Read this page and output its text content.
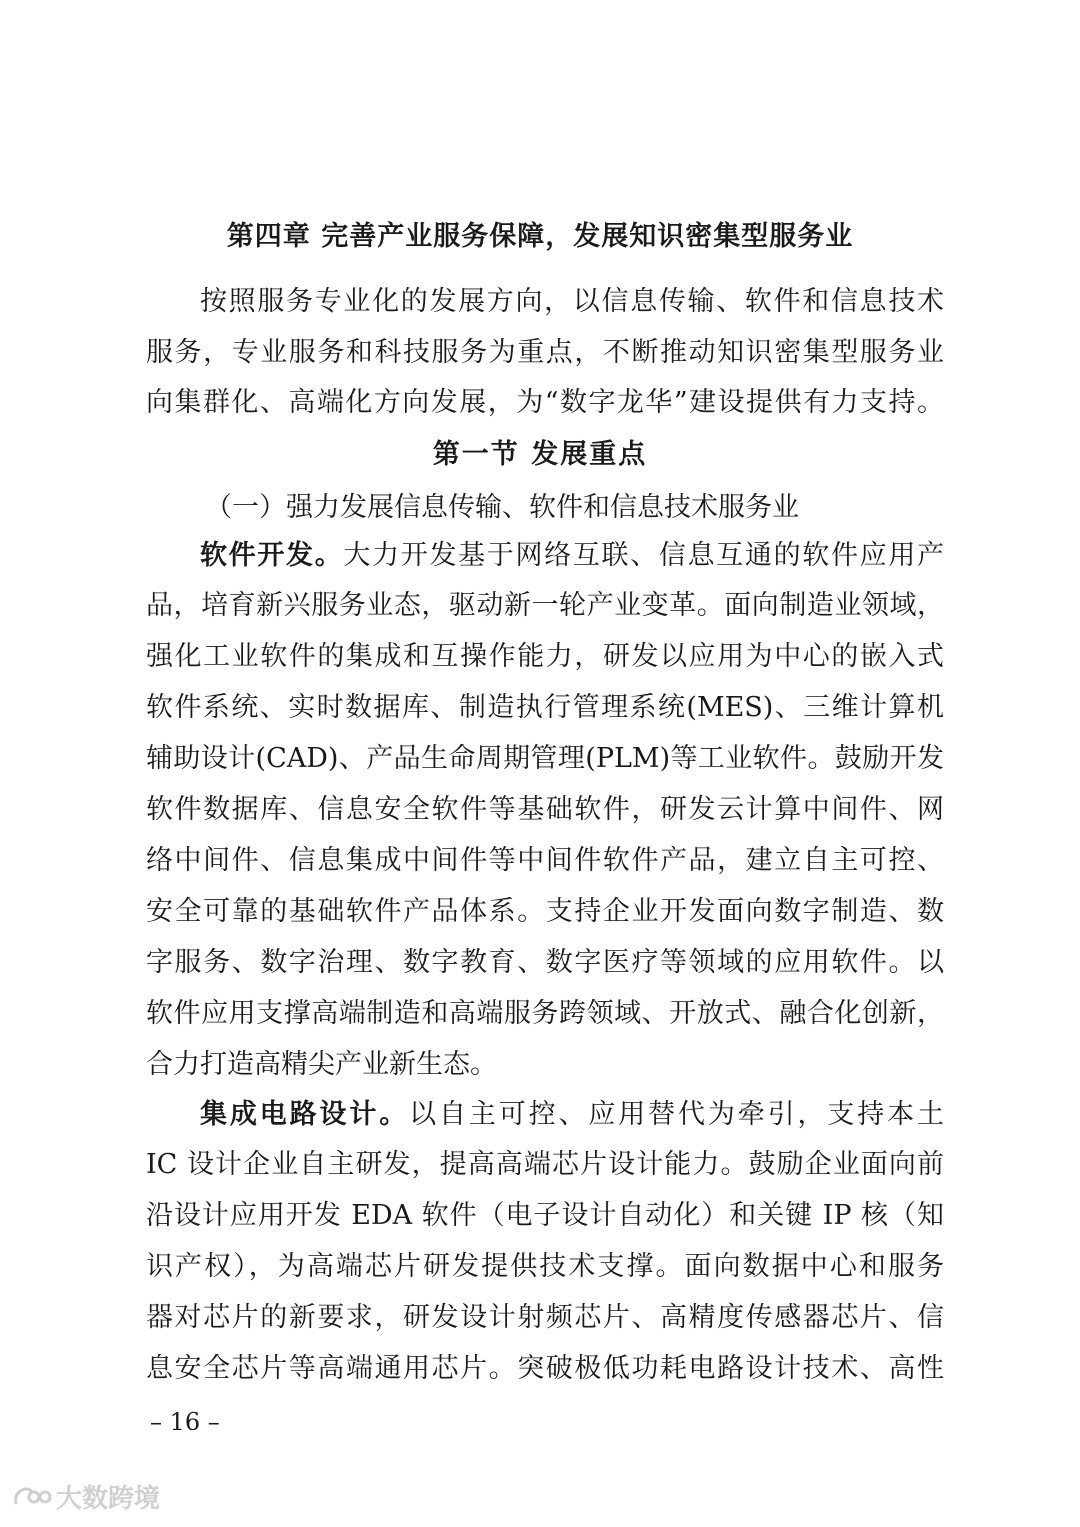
第四章 完善产业服务保障，发展知识密集型服务业
按照服务专业化的发展方向，以信息传输、软件和信息技术
服务，专业服务和科技服务为重点，不断推动知识密集型服务业
向集群化、高端化方向发展，为“数字龙华”建设提供有力支持。
第一节 发展重点
（一）强力发展信息传输、软件和信息技术服务业
软件开发。大力开发基于网络互联、信息互通的软件应用产
品，培育新兴服务业态，驱动新一轮产业变革。面向制造业领域，
强化工业软件的集成和互操作能力，研发以应用为中心的嵌入式
软件系统、实时数据库、制造执行管理系统(MES)、三维计算机
辅助设计(CAD)、产品生命周期管理(PLM)等工业软件。鼓励开发
软件数据库、信息安全软件等基础软件，研发云计算中间件、网
络中间件、信息集成中间件等中间件软件产品，建立自主可控、
安全可靠的基础软件产品体系。支持企业开发面向数字制造、数
字服务、数字治理、数字教育、数字医疗等领域的应用软件。以
软件应用支撑高端制造和高端服务跨领域、开放式、融合化创新，
合力打造高精尖产业新生态。
集成电路设计。以自主可控、应用替代为牵引，支持本土
IC 设计企业自主研发，提高高端芯片设计能力。鼓励企业面向前
沿设计应用开发 EDA 软件（电子设计自动化）和关键 IP 核（知
识产权），为高端芯片研发提供技术支撑。面向数据中心和服务
器对芯片的新要求，研发设计射频芯片、高精度传感器芯片、信
息安全芯片等高端通用芯片。突破极低功耗电路设计技术、高性
– 16 –
大数跨境
